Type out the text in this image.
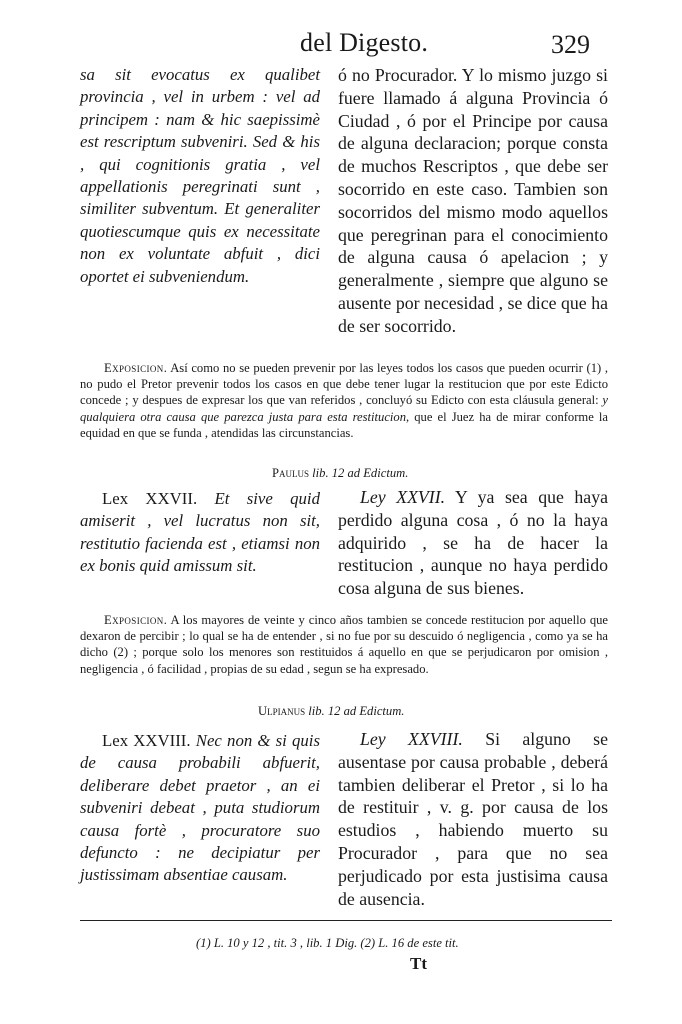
del Digesto.	329
sa sit evocatus ex qualibet provincia , vel in urbem : vel ad principem : nam & hic saepissimè est rescriptum subveniri. Sed & his , qui cognitionis gratia , vel appellationis peregrinati sunt , similiter subventum. Et generaliter quotiescumque quis ex necessitate non ex voluntate abfuit , dici oportet ei subveniendum.
ó no Procurador. Y lo mismo juzgo si fuere llamado á alguna Provincia ó Ciudad , ó por el Principe por causa de alguna declaracion; porque consta de muchos Rescriptos , que debe ser socorrido en este caso. Tambien son socorridos del mismo modo aquellos que peregrinan para el conocimiento de alguna causa ó apelacion ; y generalmente , siempre que alguno se ausente por necesidad , se dice que ha de ser socorrido.
Exposicion. Así como no se pueden prevenir por las leyes todos los casos que pueden ocurrir (1) , no pudo el Pretor prevenir todos los casos en que debe tener lugar la restitucion que por este Edicto concede ; y despues de expresar los que van referidos , concluyó su Edicto con esta cláusula general: y qualquiera otra causa que parezca justa para esta restitucion, que el Juez ha de mirar conforme la equidad en que se funda , atendidas las circunstancias.
Paulus lib. 12 ad Edictum.
Lex XXVII. Et sive quid amiserit , vel lucratus non sit, restitutio facienda est , etiamsi non ex bonis quid amissum sit.
Ley XXVII. Y ya sea que haya perdido alguna cosa , ó no la haya adquirido , se ha de hacer la restitucion , aunque no haya perdido cosa alguna de sus bienes.
Exposicion. A los mayores de veinte y cinco años tambien se concede restitucion por aquello que dexaron de percibir ; lo qual se ha de entender , si no fue por su descuido ó negligencia , como ya se ha dicho (2) ; porque solo los menores son restituidos á aquello en que se perjudicaron por omision , negligencia , ó facilidad , propias de su edad , segun se ha expresado.
Ulpianus lib. 12 ad Edictum.
Lex XXVIII. Nec non & si quis de causa probabili abfuerit, deliberare debet praetor , an ei subveniri debeat , puta studiorum causa fortè , procuratore suo defuncto : ne decipiatur per justissimam absentiae causam.
Ley XXVIII. Si alguno se ausentase por causa probable , deberá tambien deliberar el Pretor , si lo ha de restituir , v. g. por causa de los estudios , habiendo muerto su Procurador , para que no sea perjudicado por esta justisima causa de ausencia.
(1) L. 10 y 12 , tit. 3 , lib. 1 Dig. (2) L. 16 de este tit.
Tt
